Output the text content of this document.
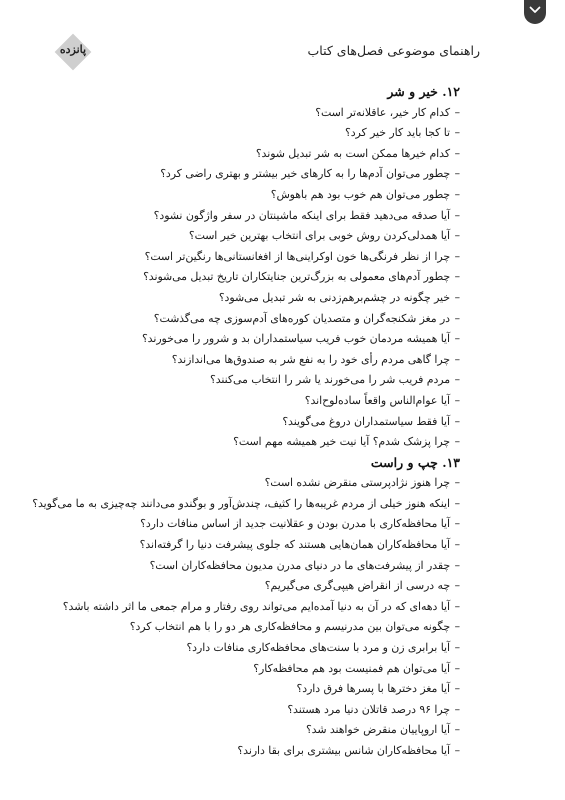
پانزده	راهنمای موضوعی فصل‌های کتاب
۱۲. خیر و شر
–کدام کار خیر، عاقلانه‌تر است؟
–تا کجا باید کار خیر کرد؟
–کدام خیرها ممکن است به شر تبدیل شوند؟
–چطور می‌توان آدم‌ها را به کارهای خیر بیشتر و بهتری راضی کرد؟
–چطور می‌توان هم خوب بود هم باهوش؟
–آیا صدقه می‌دهید فقط برای اینکه ماشینتان در سفر واژگون نشود؟
–آیا همدلی‌کردن روش خوبی برای انتخاب بهترین خیر است؟
–چرا از نظر فرنگی‌ها خون اوکراینی‌ها از افغانستانی‌ها رنگین‌تر است؟
–چطور آدم‌های معمولی به بزرگ‌ترین جنایتکاران تاریخ تبدیل می‌شوند؟
–خیر چگونه در چشم‌برهم‌زدنی به شر تبدیل می‌شود؟
–در مغز شکنجه‌گران و متصدیان کوره‌های آدم‌سوزی چه می‌گذشت؟
–آیا همیشه مردمان خوب فریب سیاستمداران بد و شرور را می‌خورند؟
–چرا گاهی مردم رأی خود را به نفع شر به صندوق‌ها می‌اندازند؟
–مردم فریب شر را می‌خورند یا شر را انتخاب می‌کنند؟
–آیا عوام‌الناس واقعاً ساده‌لوح‌اند؟
–آیا فقط سیاستمداران دروغ می‌گویند؟
–چرا پزشک شدم؟ آیا نیت خیر همیشه مهم است؟
۱۳. چپ و راست
–چرا هنوز نژادپرستی منقرض نشده است؟
–اینکه هنوز خیلی از مردم غریبه‌ها را کثیف، چندش‌آور و بوگندو می‌دانند چه‌چیزی به ما می‌گوید؟
–آیا محافظه‌کاری با مدرن بودن و عقلانیت جدید از اساس منافات دارد؟
–آیا محافظه‌کاران همان‌هایی هستند که جلوی پیشرفت دنیا را گرفته‌اند؟
–چقدر از پیشرفت‌های ما در دنیای مدرن مدیون محافظه‌کاران است؟
–چه درسی از انقراض هیپی‌گری می‌گیریم؟
–آیا دهه‌ای که در آن به دنیا آمده‌ایم می‌تواند روی رفتار و مرام جمعی ما اثر داشته باشد؟
–چگونه می‌توان بین مدرنیسم و محافظه‌کاری هر دو را با هم انتخاب کرد؟
–آیا برابری زن و مرد با سنت‌های محافظه‌کاری منافات دارد؟
–آیا می‌توان هم فمنیست بود هم محافظه‌کار؟
–آیا مغز دخترها با پسرها فرق دارد؟
–چرا ۹۶ درصد قاتلان دنیا مرد هستند؟
–آیا اروپاییان منقرض خواهند شد؟
–آیا محافظه‌کاران شانس بیشتری برای بقا دارند؟
